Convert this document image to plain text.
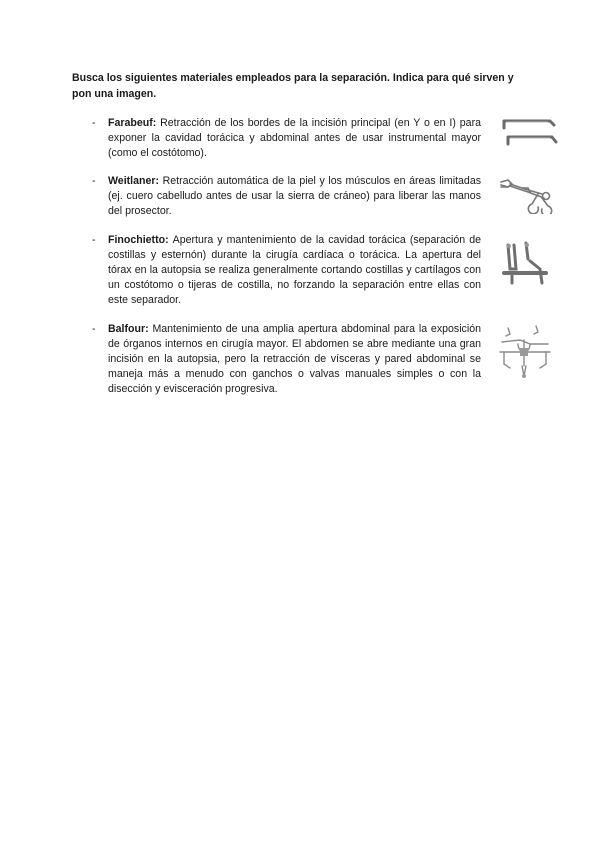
Busca los siguientes materiales empleados para la separación. Indica para qué sirven y pon una imagen.
- Farabeuf: Retracción de los bordes de la incisión principal (en Y o en I) para exponer la cavidad torácica y abdominal antes de usar instrumental mayor (como el costótomo).
- Weitlaner: Retracción automática de la piel y los músculos en áreas limitadas (ej. cuero cabelludo antes de usar la sierra de cráneo) para liberar las manos del prosector.
- Finochietto: Apertura y mantenimiento de la cavidad torácica (separación de costillas y esternón) durante la cirugía cardíaca o torácica. La apertura del tórax en la autopsia se realiza generalmente cortando costillas y cartílagos con un costótomo o tijeras de costilla, no forzando la separación entre ellas con este separador.
- Balfour: Mantenimiento de una amplia apertura abdominal para la exposición de órganos internos en cirugía mayor. El abdomen se abre mediante una gran incisión en la autopsia, pero la retracción de vísceras y pared abdominal se maneja más a menudo con ganchos o valvas manuales simples o con la disección y evisceración progresiva.
